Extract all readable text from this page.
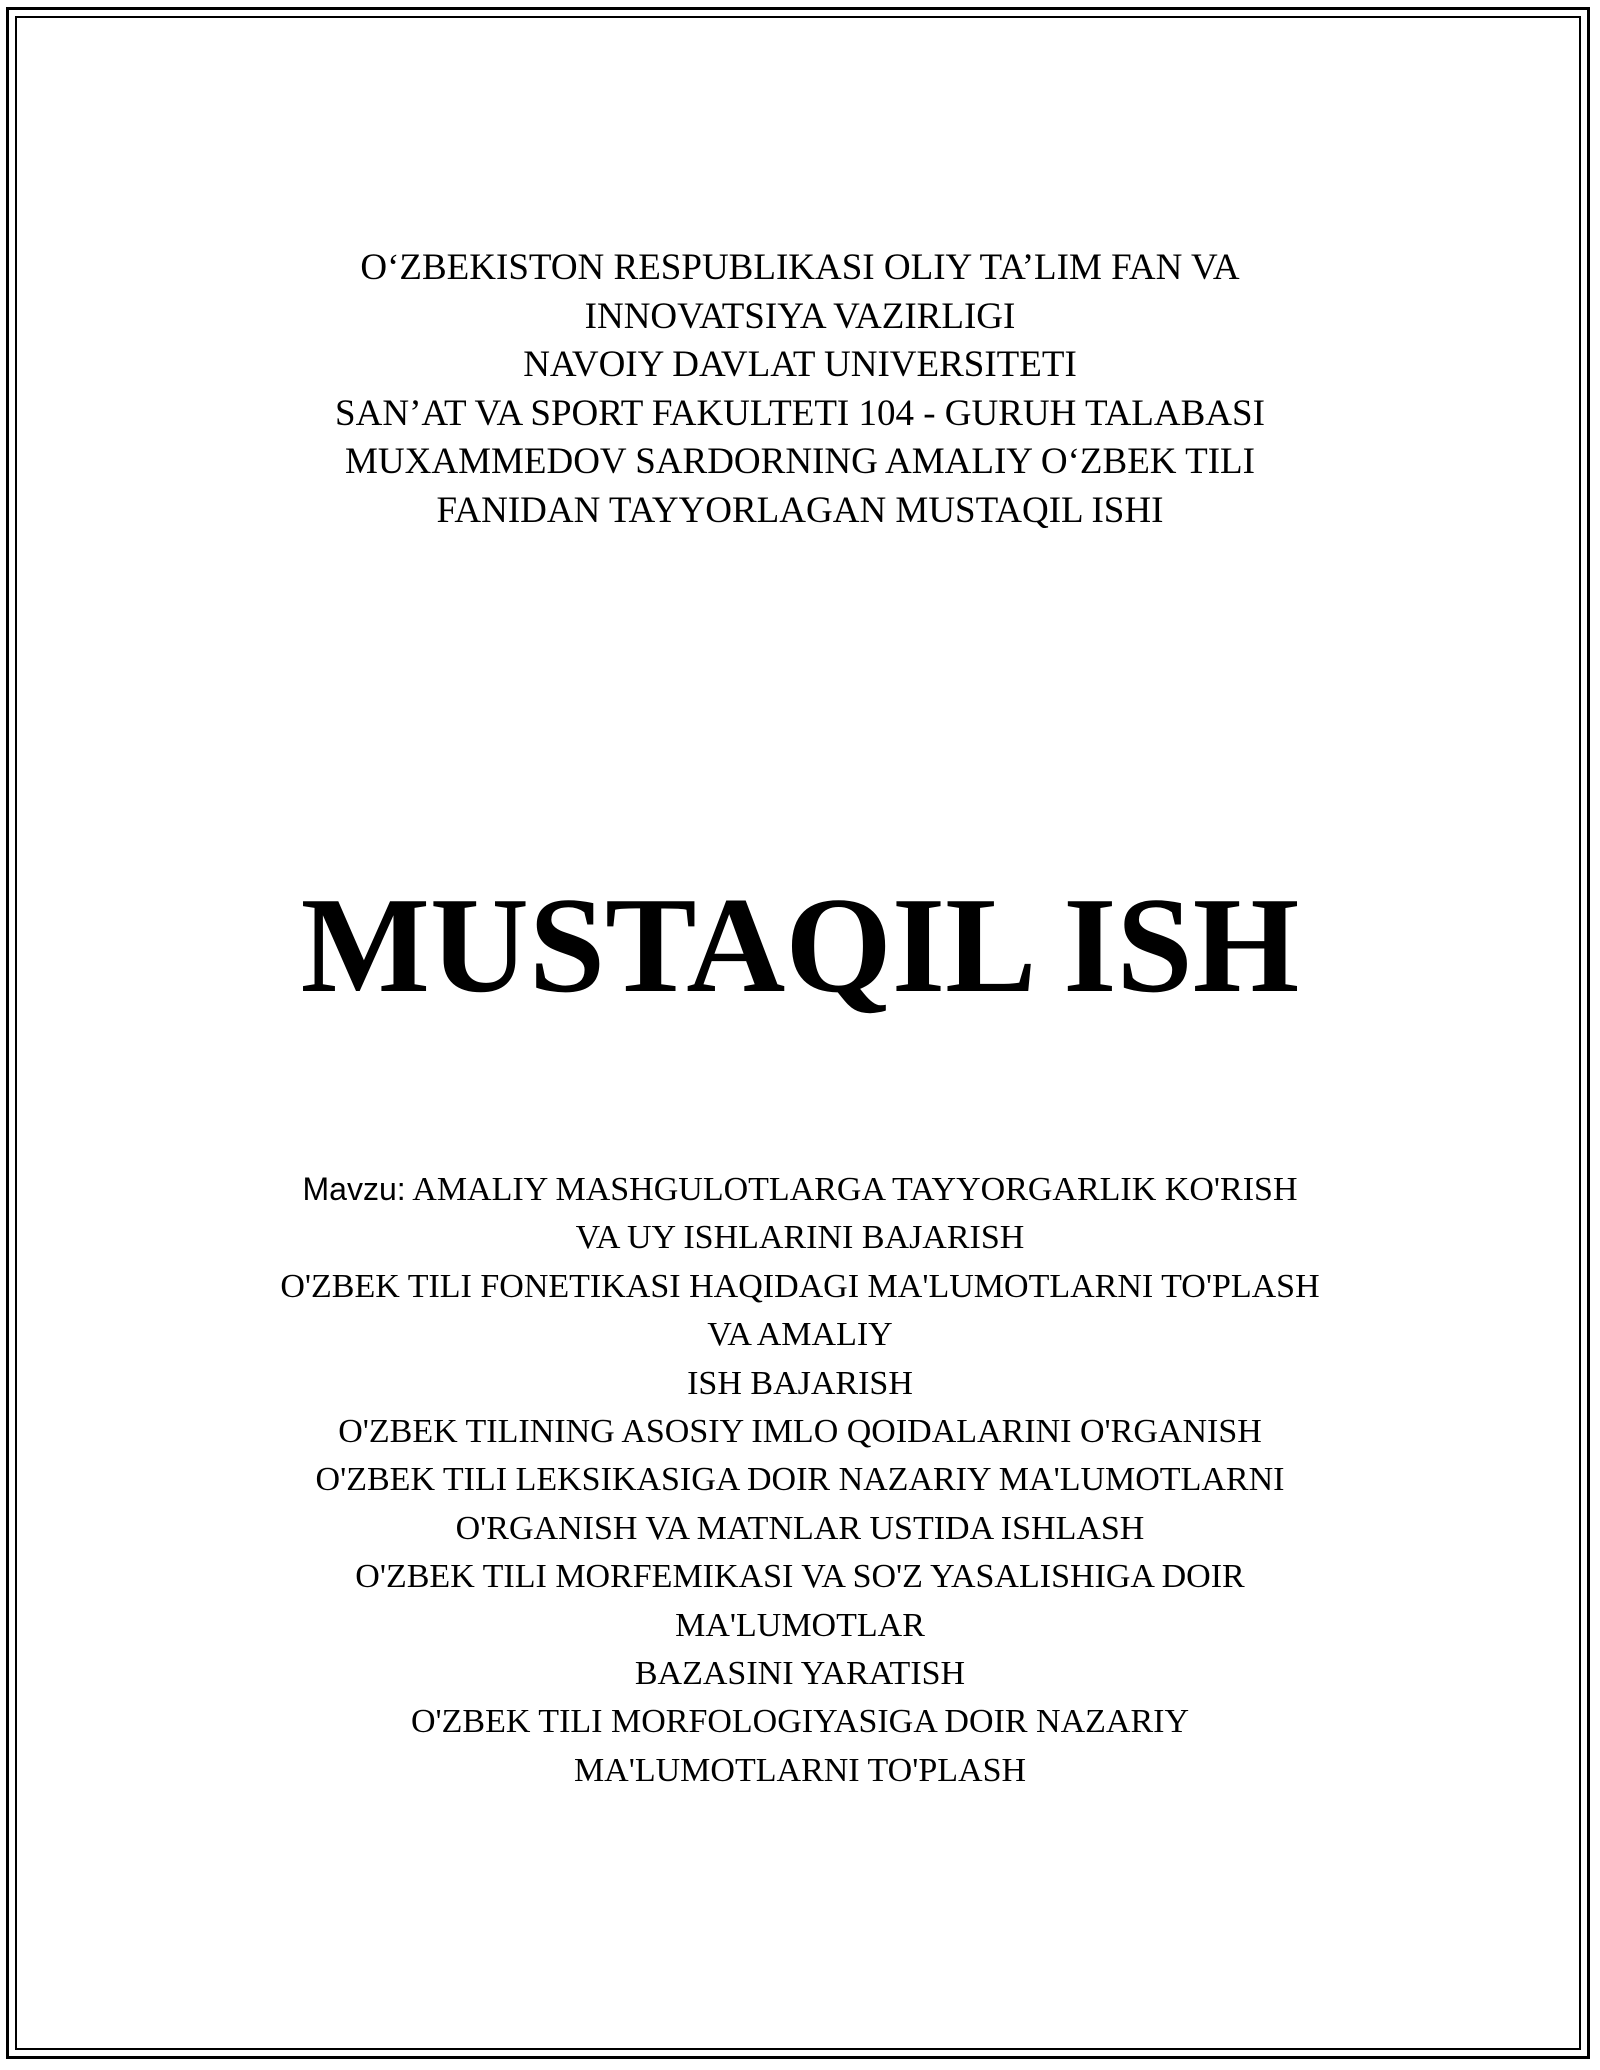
O‘ZBEKISTON RESPUBLIKASI OLIY TA’LIM FAN VA
INNOVATSIYA VAZIRLIGI
NAVOIY DAVLAT UNIVERSITETI
SAN’AT VA SPORT FAKULTETI 104 - GURUH TALABASI
MUXAMMEDOV SARDORNING AMALIY O‘ZBEK TILI
FANIDAN TAYYORLAGAN MUSTAQIL ISHI
MUSTAQIL ISH
Mavzu: AMALIY MASHGULOTLARGA TAYYORGARLIK KO'RISH
VA UY ISHLARINI BAJARISH
O'ZBEK TILI FONETIKASI HAQIDAGI MA'LUMOTLARNI TO'PLASH
VA AMALIY
ISH BAJARISH
O'ZBEK TILINING ASOSIY IMLO QOIDALARINI O'RGANISH
O'ZBEK TILI LEKSIKASIGA DOIR NAZARIY MA'LUMOTLARNI
O'RGANISH VA MATNLAR USTIDA ISHLASH
O'ZBEK TILI MORFEMIKASI VA SO'Z YASALISHIGA DOIR
MA'LUMOTLAR
BAZASINI YARATISH
O'ZBEK TILI MORFOLOGIYASIGA DOIR NAZARIY
MA'LUMOTLARNI TO'PLASH
